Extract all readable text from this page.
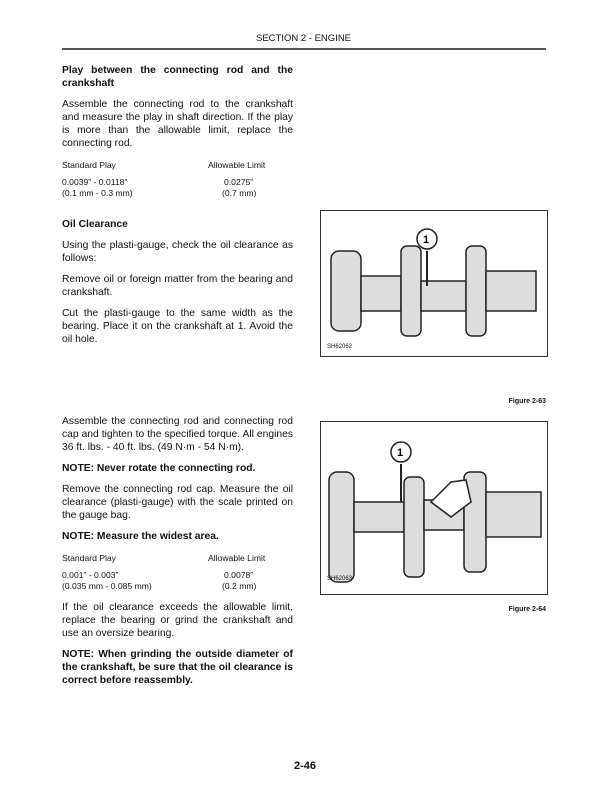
SECTION 2 - ENGINE

Play between the connecting rod and the crankshaft

Assemble the connecting rod to the crankshaft and measure the play in shaft direction. If the play is more than the allowable limit, replace the connecting rod.

Standard Play	Allowable Limit
0.0039” - 0.0118”	0.0275”
(0.1 mm - 0.3 mm)	(0.7 mm)

Oil Clearance

Using the plasti-gauge, check the oil clearance as follows:

Remove oil or foreign matter from the bearing and crankshaft.

Cut the plasti-gauge to the same width as the bearing. Place it on the crankshaft at 1. Avoid the oil hole.

Assemble the connecting rod and connecting rod cap and tighten to the specified torque. All engines 36 ft. lbs. - 40 ft. lbs. (49 N·m - 54 N·m).

NOTE: Never rotate the connecting rod.

Remove the connecting rod cap. Measure the oil clearance (plasti-gauge) with the scale printed on the gauge bag.

NOTE: Measure the widest area.

Standard Play	Allowable Limit
0.001” - 0.003”	0.0078”
(0.035 mm - 0.085 mm)	(0.2 mm)

If the oil clearance exceeds the allowable limit, replace the bearing or grind the crankshaft and use an oversize bearing.

NOTE: When grinding the outside diameter of the crankshaft, be sure that the oil clearance is correct before reassembly.

1
SH62062
Figure 2-63
1
SH62063
Figure 2-64
2-46
